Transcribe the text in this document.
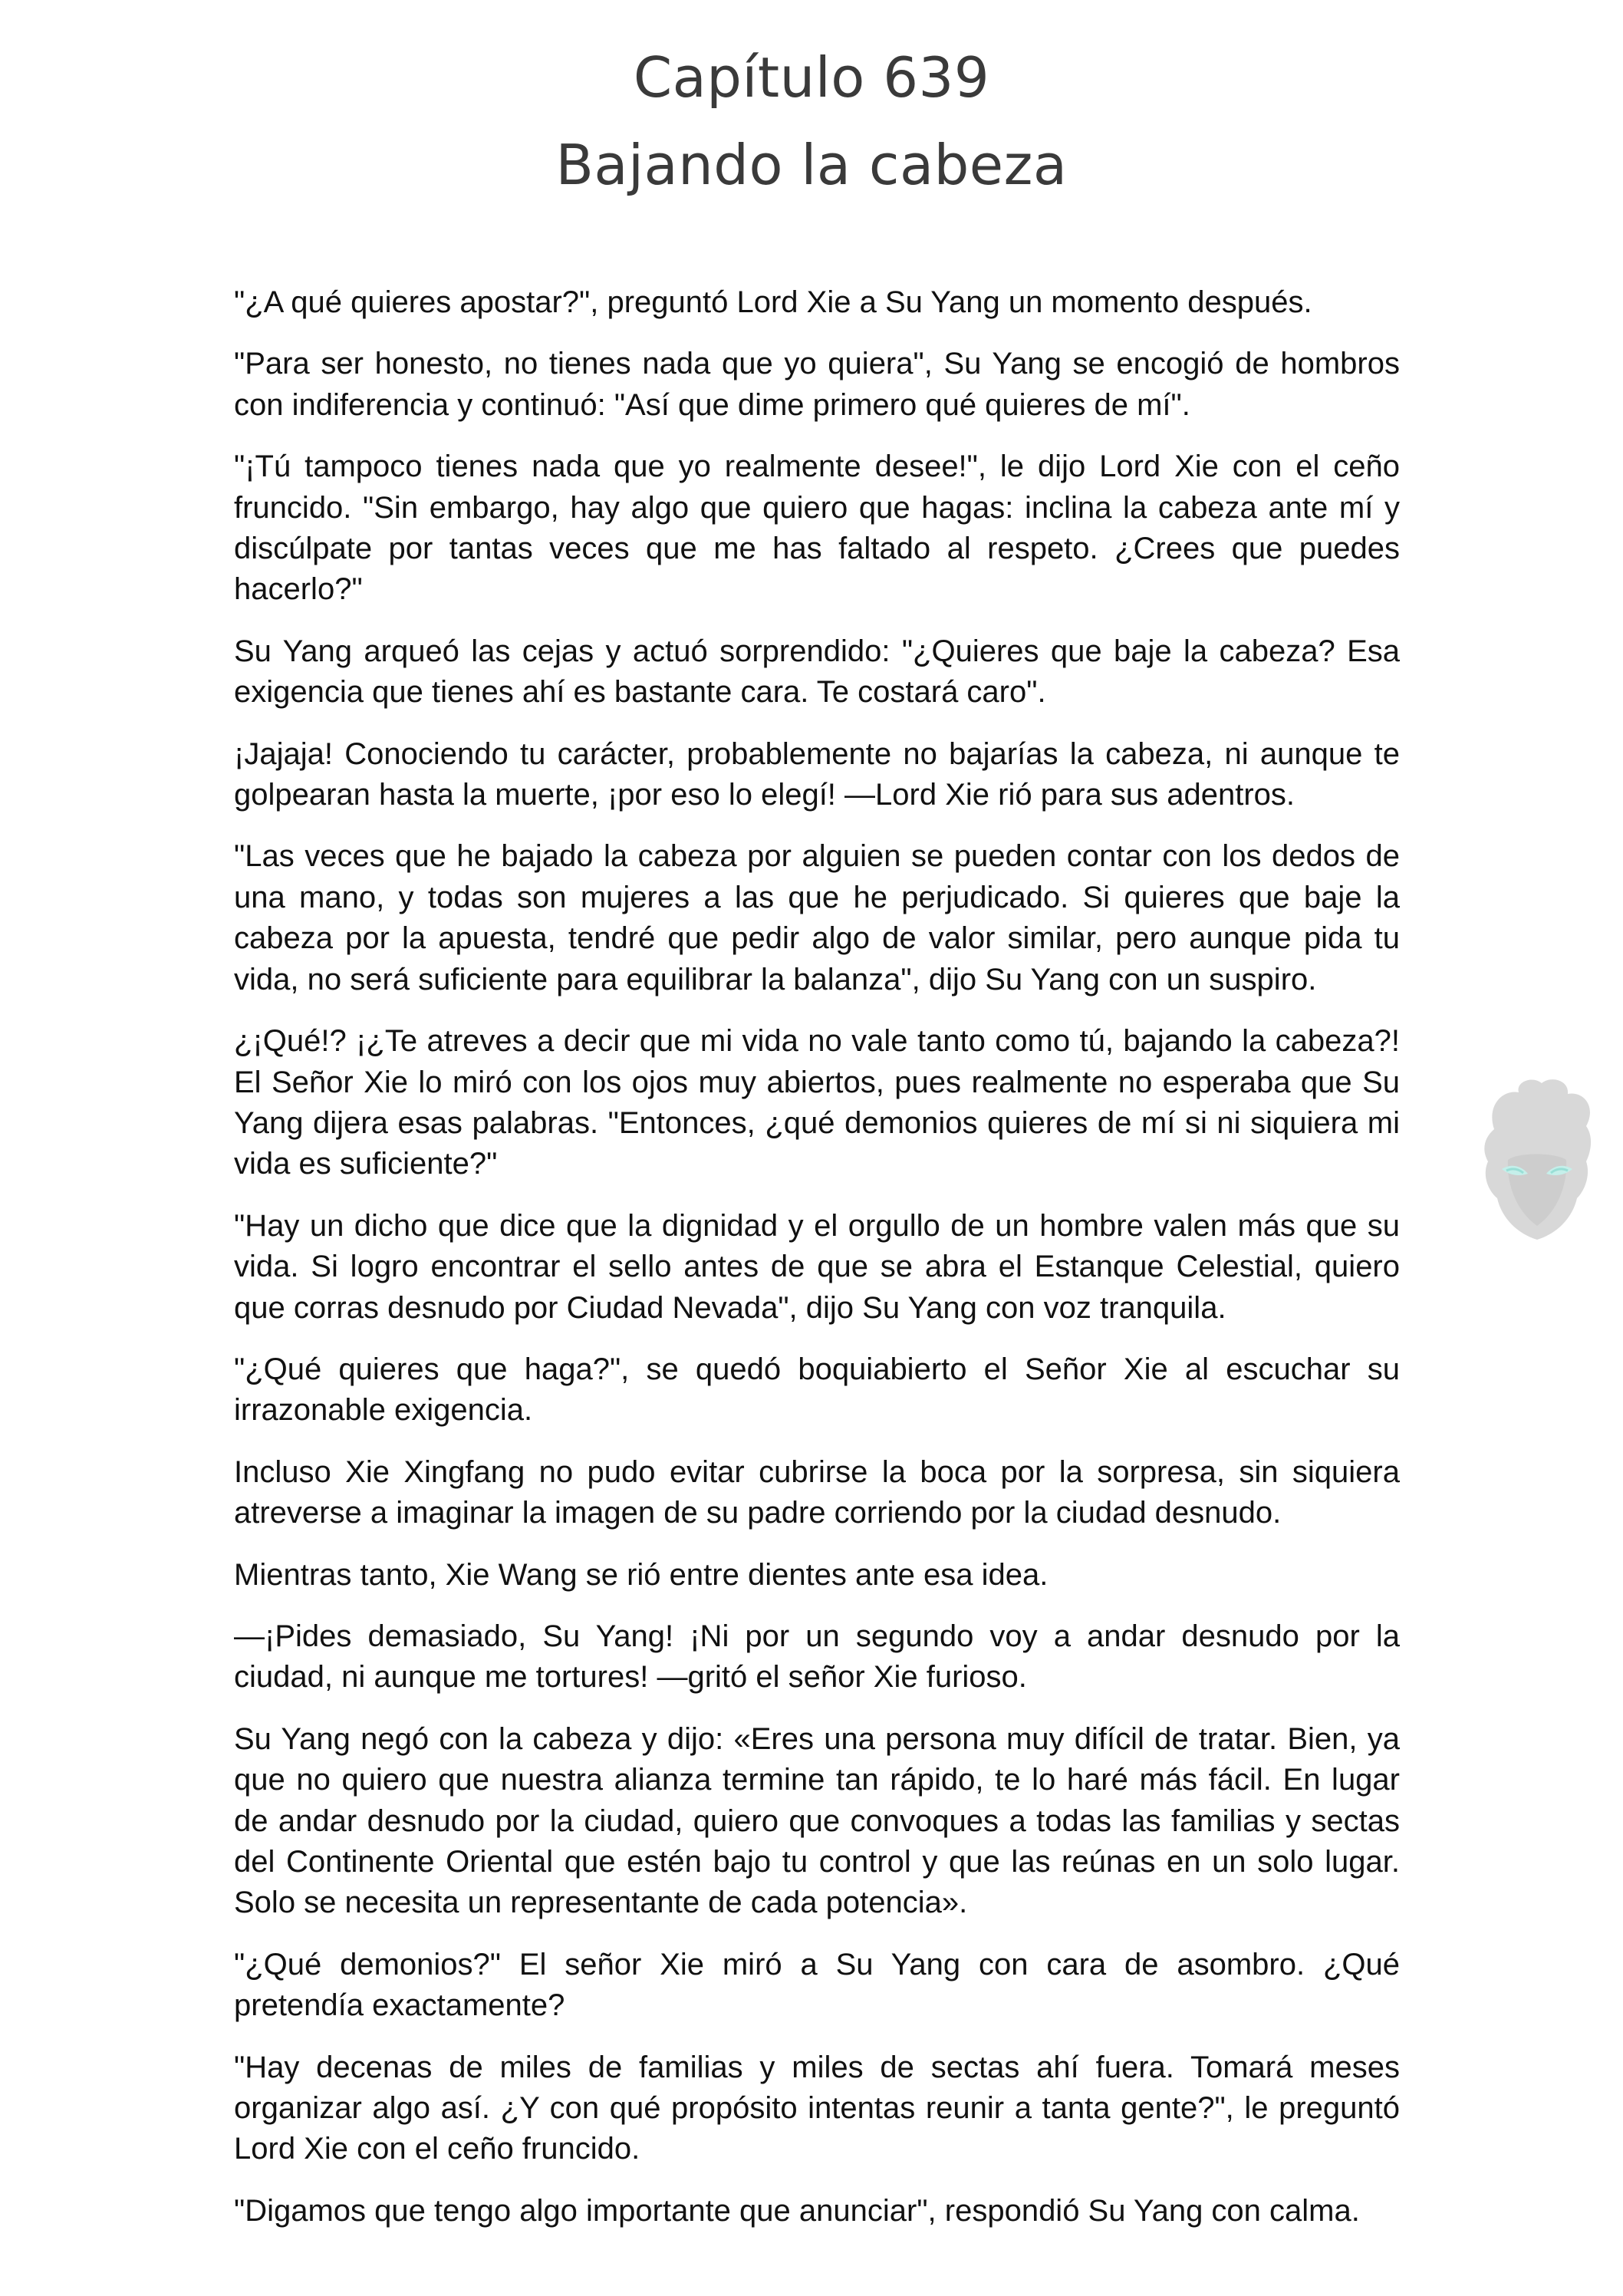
Capítulo 639
Bajando la cabeza

"¿A qué quieres apostar?", preguntó Lord Xie a Su Yang un momento después.

"Para ser honesto, no tienes nada que yo quiera", Su Yang se encogió de hombros con indiferencia y continuó: "Así que dime primero qué quieres de mí".

"¡Tú tampoco tienes nada que yo realmente desee!", le dijo Lord Xie con el ceño fruncido. "Sin embargo, hay algo que quiero que hagas: inclina la cabeza ante mí y discúlpate por tantas veces que me has faltado al respeto. ¿Crees que puedes hacerlo?"

Su Yang arqueó las cejas y actuó sorprendido: "¿Quieres que baje la cabeza? Esa exigencia que tienes ahí es bastante cara. Te costará caro".

¡Jajaja! Conociendo tu carácter, probablemente no bajarías la cabeza, ni aunque te golpearan hasta la muerte, ¡por eso lo elegí! —Lord Xie rió para sus adentros.

"Las veces que he bajado la cabeza por alguien se pueden contar con los dedos de una mano, y todas son mujeres a las que he perjudicado. Si quieres que baje la cabeza por la apuesta, tendré que pedir algo de valor similar, pero aunque pida tu vida, no será suficiente para equilibrar la balanza", dijo Su Yang con un suspiro.

¿¡Qué!? ¡¿Te atreves a decir que mi vida no vale tanto como tú, bajando la cabeza?! El Señor Xie lo miró con los ojos muy abiertos, pues realmente no esperaba que Su Yang dijera esas palabras. "Entonces, ¿qué demonios quieres de mí si ni siquiera mi vida es suficiente?"

"Hay un dicho que dice que la dignidad y el orgullo de un hombre valen más que su vida. Si logro encontrar el sello antes de que se abra el Estanque Celestial, quiero que corras desnudo por Ciudad Nevada", dijo Su Yang con voz tranquila.

"¿Qué quieres que haga?", se quedó boquiabierto el Señor Xie al escuchar su irrazonable exigencia.

Incluso Xie Xingfang no pudo evitar cubrirse la boca por la sorpresa, sin siquiera atreverse a imaginar la imagen de su padre corriendo por la ciudad desnudo.

Mientras tanto, Xie Wang se rió entre dientes ante esa idea.

—¡Pides demasiado, Su Yang! ¡Ni por un segundo voy a andar desnudo por la ciudad, ni aunque me tortures! —gritó el señor Xie furioso.

Su Yang negó con la cabeza y dijo: «Eres una persona muy difícil de tratar. Bien, ya que no quiero que nuestra alianza termine tan rápido, te lo haré más fácil. En lugar de andar desnudo por la ciudad, quiero que convoques a todas las familias y sectas del Continente Oriental que estén bajo tu control y que las reúnas en un solo lugar. Solo se necesita un representante de cada potencia».

"¿Qué demonios?" El señor Xie miró a Su Yang con cara de asombro. ¿Qué pretendía exactamente?

"Hay decenas de miles de familias y miles de sectas ahí fuera. Tomará meses organizar algo así. ¿Y con qué propósito intentas reunir a tanta gente?", le preguntó Lord Xie con el ceño fruncido.

"Digamos que tengo algo importante que anunciar", respondió Su Yang con calma.
